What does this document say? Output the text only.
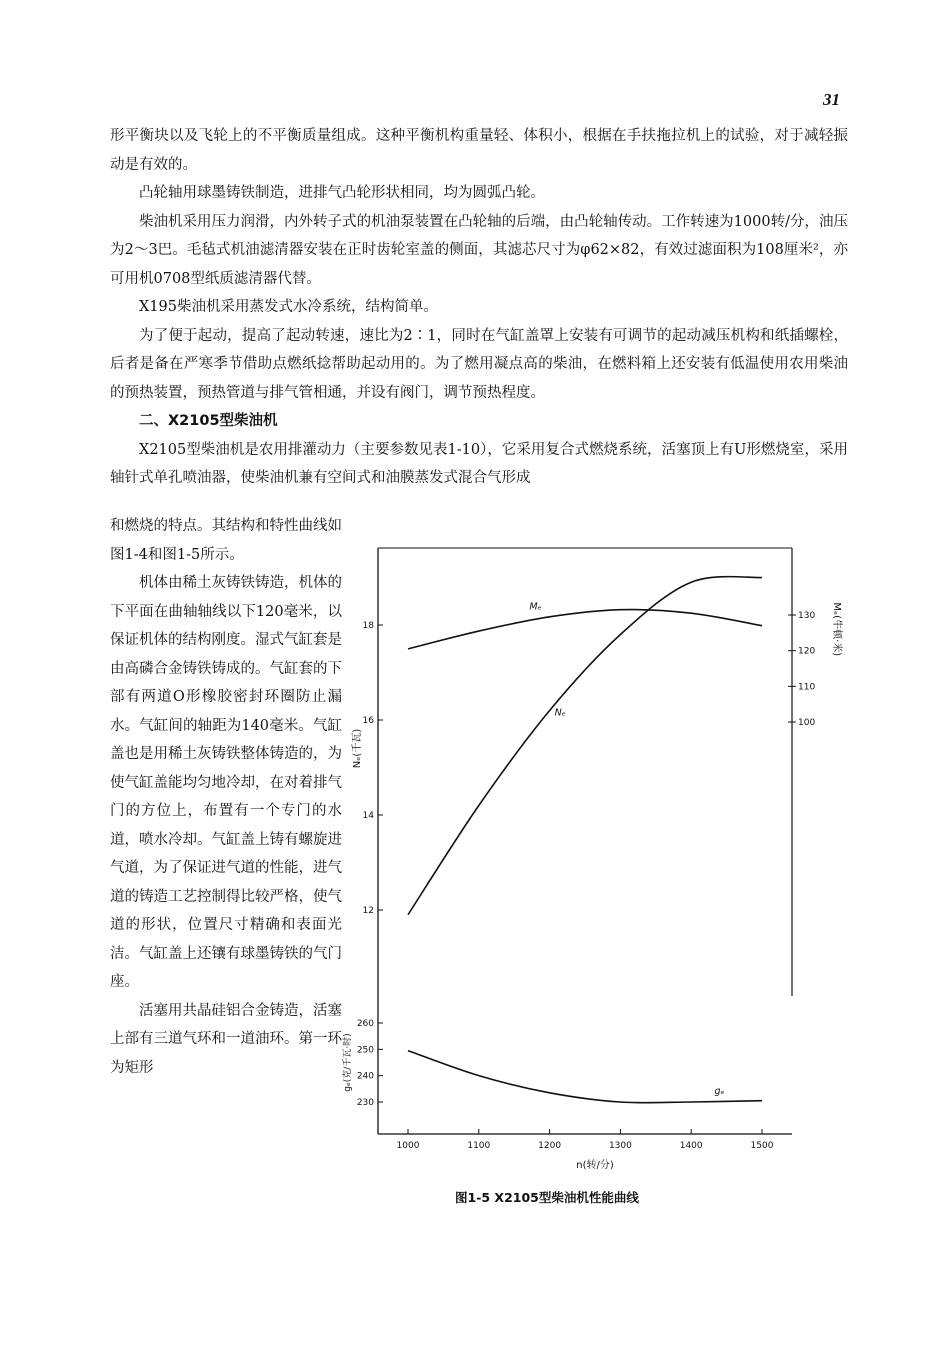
31

形平衡块以及飞轮上的不平衡质量组成。这种平衡机构重量轻、体积小，根据在手扶拖拉机上的试验，对于减轻振动是有效的。

凸轮轴用球墨铸铁制造，进排气凸轮形状相同，均为圆弧凸轮。

柴油机采用压力润滑，内外转子式的机油泵装置在凸轮轴的后端，由凸轮轴传动。工作转速为1000转/分，油压为2～3巴。毛毡式机油滤清器安装在正时齿轮室盖的侧面，其滤芯尺寸为φ62×82，有效过滤面积为108厘米²，亦可用机0708型纸质滤清器代替。

X195柴油机采用蒸发式水冷系统，结构简单。

为了便于起动，提高了起动转速，速比为2∶1，同时在气缸盖罩上安装有可调节的起动减压机构和纸插螺栓，后者是备在严寒季节借助点燃纸捻帮助起动用的。为了燃用凝点高的柴油，在燃料箱上还安装有低温使用农用柴油的预热装置，预热管道与排气管相通，并设有阀门，调节预热程度。

二、X2105型柴油机

X2105型柴油机是农用排灌动力（主要参数见表1-10），它采用复合式燃烧系统，活塞顶上有U形燃烧室，采用轴针式单孔喷油器，使柴油机兼有空间式和油膜蒸发式混合气形成

和燃烧的特点。其结构和特性曲线如图1-4和图1-5所示。

机体由稀土灰铸铁铸造，机体的下平面在曲轴轴线以下120毫米，以保证机体的结构刚度。湿式气缸套是由高磷合金铸铁铸成的。气缸套的下部有两道O形橡胶密封环圈防止漏水。气缸间的轴距为140毫米。气缸盖也是用稀土灰铸铁整体铸造的，为使气缸盖能均匀地冷却，在对着排气门的方位上，布置有一个专门的水道，喷水冷却。气缸盖上铸有螺旋进气道，为了保证进气道的性能，进气道的铸造工艺控制得比较严格，使气道的形状，位置尺寸精确和表面光洁。气缸盖上还镶有球墨铸铁的气门座。

活塞用共晶硅铝合金铸造，活塞上部有三道气环和一道油环。第一环为矩形

1000	1100	1200	1300	1400	1500
n(转/分)
12
14
16
18
Nₑ(千瓦)
100
110
120
130 Mₑ(牛顿·米)
230
240
250
260
gₑ(克/千瓦·时)
Mₑ
Nₑ
gₑ
图1-5 X2105型柴油机性能曲线
